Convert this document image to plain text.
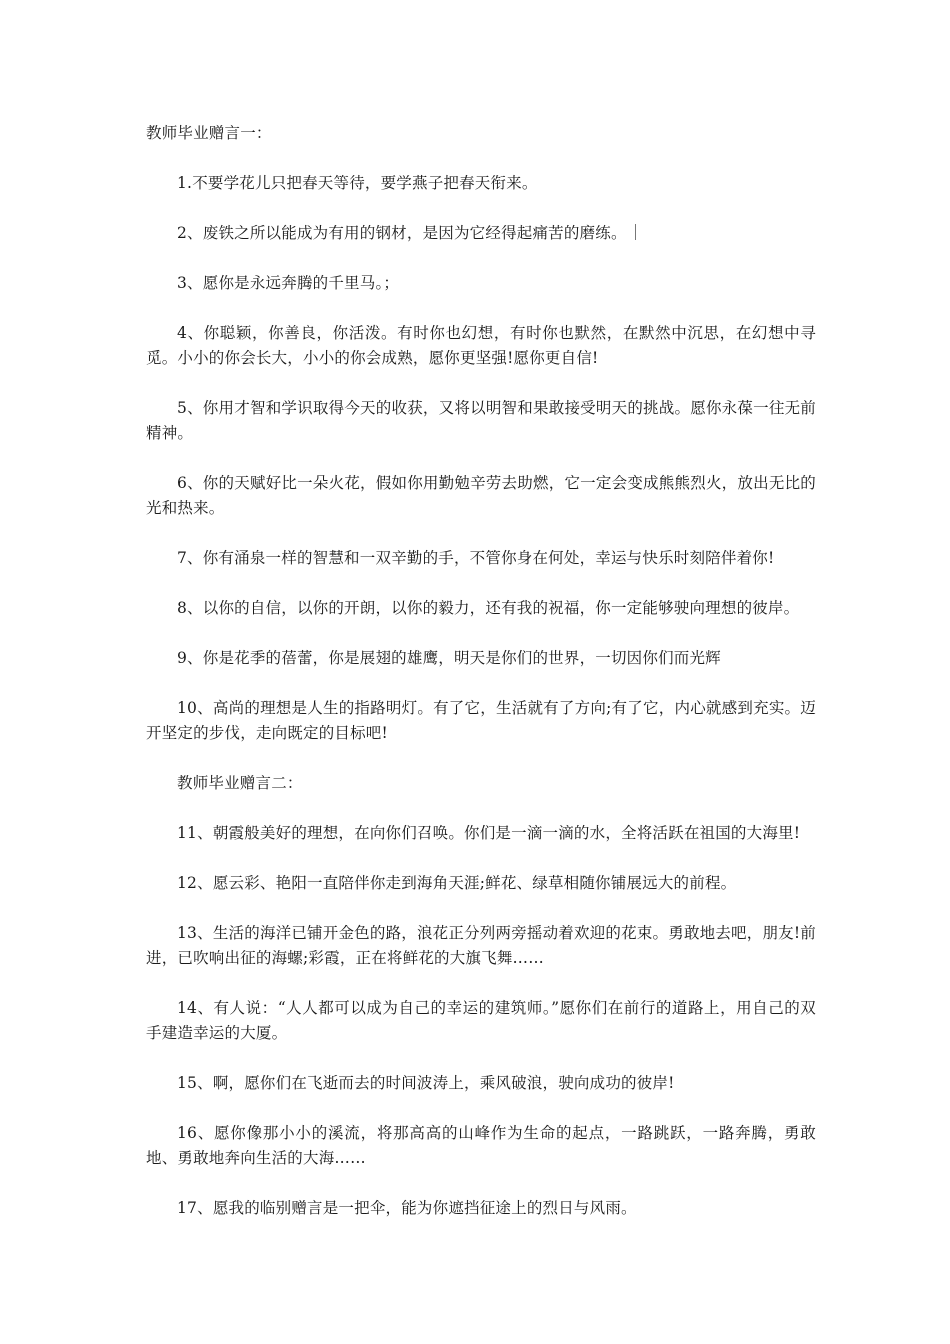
教师毕业赠言一：

1.不要学花儿只把春天等待，要学燕子把春天衔来。

2、废铁之所以能成为有用的钢材，是因为它经得起痛苦的磨练。

3、愿你是永远奔腾的千里马。；

4、你聪颖，你善良，你活泼。有时你也幻想，有时你也默然，在默然中沉思，在幻想中寻觅。小小的你会长大，小小的你会成熟，愿你更坚强!愿你更自信!

5、你用才智和学识取得今天的收获，又将以明智和果敢接受明天的挑战。愿你永葆一往无前精神。

6、你的天赋好比一朵火花，假如你用勤勉辛劳去助燃，它一定会变成熊熊烈火，放出无比的光和热来。

7、你有涌泉一样的智慧和一双辛勤的手，不管你身在何处，幸运与快乐时刻陪伴着你!

8、以你的自信，以你的开朗，以你的毅力，还有我的祝福，你一定能够驶向理想的彼岸。

9、你是花季的蓓蕾，你是展翅的雄鹰，明天是你们的世界，一切因你们而光辉

10、高尚的理想是人生的指路明灯。有了它，生活就有了方向;有了它，内心就感到充实。迈开坚定的步伐，走向既定的目标吧!

教师毕业赠言二：

11、朝霞般美好的理想，在向你们召唤。你们是一滴一滴的水，全将活跃在祖国的大海里!

12、愿云彩、艳阳一直陪伴你走到海角天涯;鲜花、绿草相随你铺展远大的前程。

13、生活的海洋已铺开金色的路，浪花正分列两旁摇动着欢迎的花束。勇敢地去吧，朋友!前进，已吹响出征的海螺;彩霞，正在将鲜花的大旗飞舞……

14、有人说：“人人都可以成为自己的幸运的建筑师。”愿你们在前行的道路上，用自己的双手建造幸运的大厦。

15、啊，愿你们在飞逝而去的时间波涛上，乘风破浪，驶向成功的彼岸!

16、愿你像那小小的溪流，将那高高的山峰作为生命的起点，一路跳跃，一路奔腾，勇敢地、勇敢地奔向生活的大海……

17、愿我的临别赠言是一把伞，能为你遮挡征途上的烈日与风雨。
